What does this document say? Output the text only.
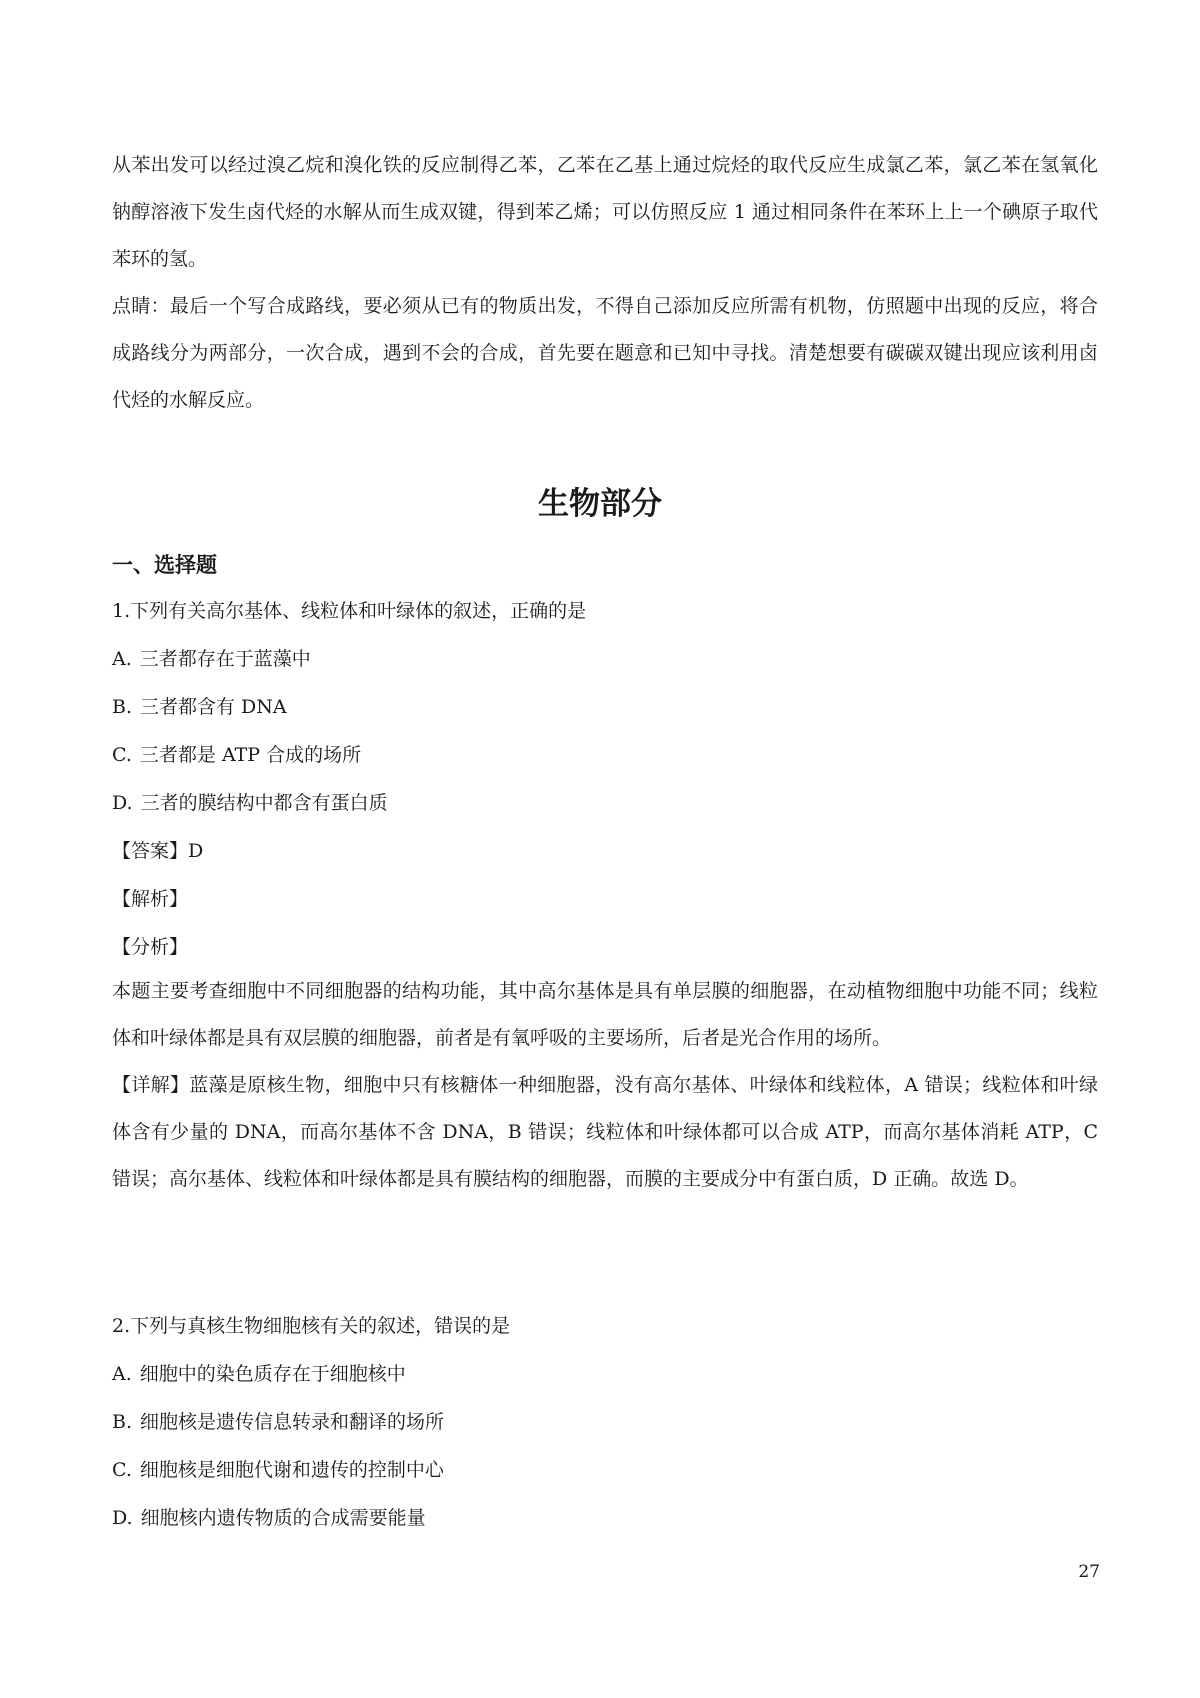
从苯出发可以经过溴乙烷和溴化铁的反应制得乙苯，乙苯在乙基上通过烷烃的取代反应生成氯乙苯，氯乙苯在氢氧化钠醇溶液下发生卤代烃的水解从而生成双键，得到苯乙烯；可以仿照反应 1 通过相同条件在苯环上上一个碘原子取代苯环的氢。

点睛：最后一个写合成路线，要必须从已有的物质出发，不得自己添加反应所需有机物，仿照题中出现的反应，将合成路线分为两部分，一次合成，遇到不会的合成，首先要在题意和已知中寻找。清楚想要有碳碳双键出现应该利用卤代烃的水解反应。

生物部分
一、选择题

1.下列有关高尔基体、线粒体和叶绿体的叙述，正确的是

A. 三者都存在于蓝藻中

B. 三者都含有 DNA

C. 三者都是 ATP 合成的场所

D. 三者的膜结构中都含有蛋白质

【答案】D

【解析】

【分析】

本题主要考查细胞中不同细胞器的结构功能，其中高尔基体是具有单层膜的细胞器，在动植物细胞中功能不同；线粒体和叶绿体都是具有双层膜的细胞器，前者是有氧呼吸的主要场所，后者是光合作用的场所。

【详解】蓝藻是原核生物，细胞中只有核糖体一种细胞器，没有高尔基体、叶绿体和线粒体，A 错误；线粒体和叶绿体含有少量的 DNA，而高尔基体不含 DNA，B 错误；线粒体和叶绿体都可以合成 ATP，而高尔基体消耗 ATP，C 错误；高尔基体、线粒体和叶绿体都是具有膜结构的细胞器，而膜的主要成分中有蛋白质，D 正确。故选 D。

2.下列与真核生物细胞核有关的叙述，错误的是

A. 细胞中的染色质存在于细胞核中

B. 细胞核是遗传信息转录和翻译的场所

C. 细胞核是细胞代谢和遗传的控制中心

D. 细胞核内遗传物质的合成需要能量

27
